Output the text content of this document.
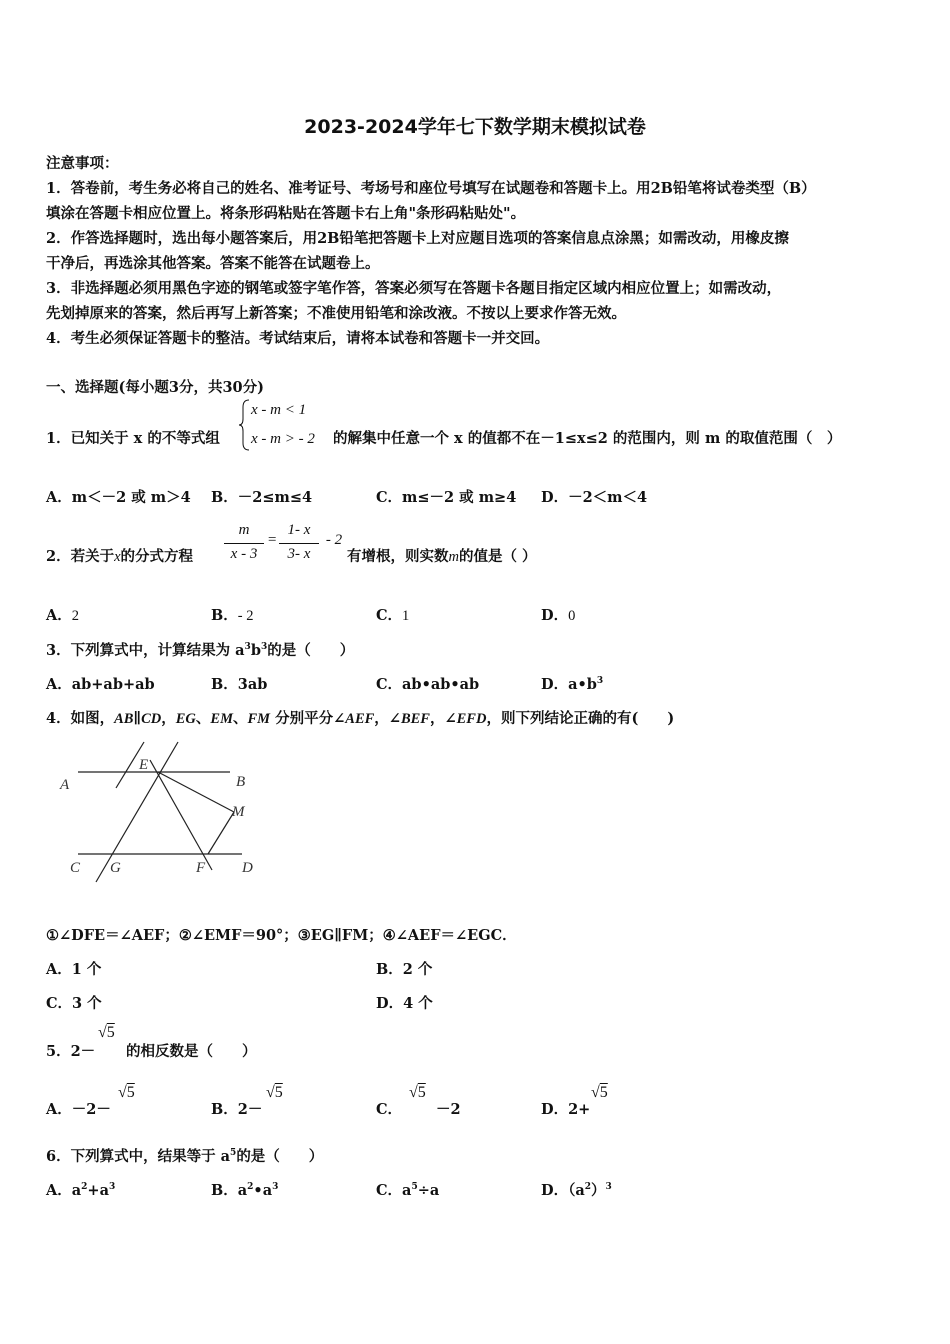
2023-2024学年七下数学期末模拟试卷
注意事项：
1．答卷前，考生务必将自己的姓名、准考证号、考场号和座位号填写在试题卷和答题卡上。用2B铅笔将试卷类型（B）
填涂在答题卡相应位置上。将条形码粘贴在答题卡右上角"条形码粘贴处"。
2．作答选择题时，选出每小题答案后，用2B铅笔把答题卡上对应题目选项的答案信息点涂黑；如需改动，用橡皮擦
干净后，再选涂其他答案。答案不能答在试题卷上。
3．非选择题必须用黑色字迹的钢笔或签字笔作答，答案必须写在答题卡各题目指定区域内相应位置上；如需改动，
先划掉原来的答案，然后再写上新答案；不准使用铅笔和涂改液。不按以上要求作答无效。
4．考生必须保证答题卡的整洁。考试结束后，请将本试卷和答题卡一并交回。
一、选择题(每小题3分，共30分)
1．已知关于 x 的不等式组
x - m < 1
x - m > - 2 的解集中任意一个 x 的值都不在－1≤x≤2 的范围内，则 m 的取值范围（　）
A．m＜－2 或 m＞4 B．－2≤m≤4	C．m≤－2 或 m≥4 D．－2＜m＜4
2．若关于x的分式方程
m
x - 3
=
1- x
3- x
- 2
有增根，则实数m的值是（ ）
A．2	B．- 2	C．1	D．0
3．下列算式中，计算结果为 $a^3b^3$的是（　　）
A．ab+ab+ab	B．3ab	C．ab•ab•ab	D．$a•b^3$
4．如图，AB∥CD，EG、EM、FM 分别平分∠AEF，∠BEF，∠EFD，则下列结论正确的有(　　)
A
E
B
M
C G	F D
①∠DFE＝∠AEF；②∠EMF＝90°；③EG∥FM；④∠AEF＝∠EGC．
A．1 个	B．2 个
C．3 个	D．4 个
5．2－
√5
的相反数是（　　）
A．－2－
√5
B．2－
√5
C．
√5
－2	D．2+
√5
6．下列算式中，结果等于 $a^5$的是（　　）
A．$a^2+a^3$	B．$a^2•a^3$	C．$a^5\div a$	D．$(a^2)^3$
